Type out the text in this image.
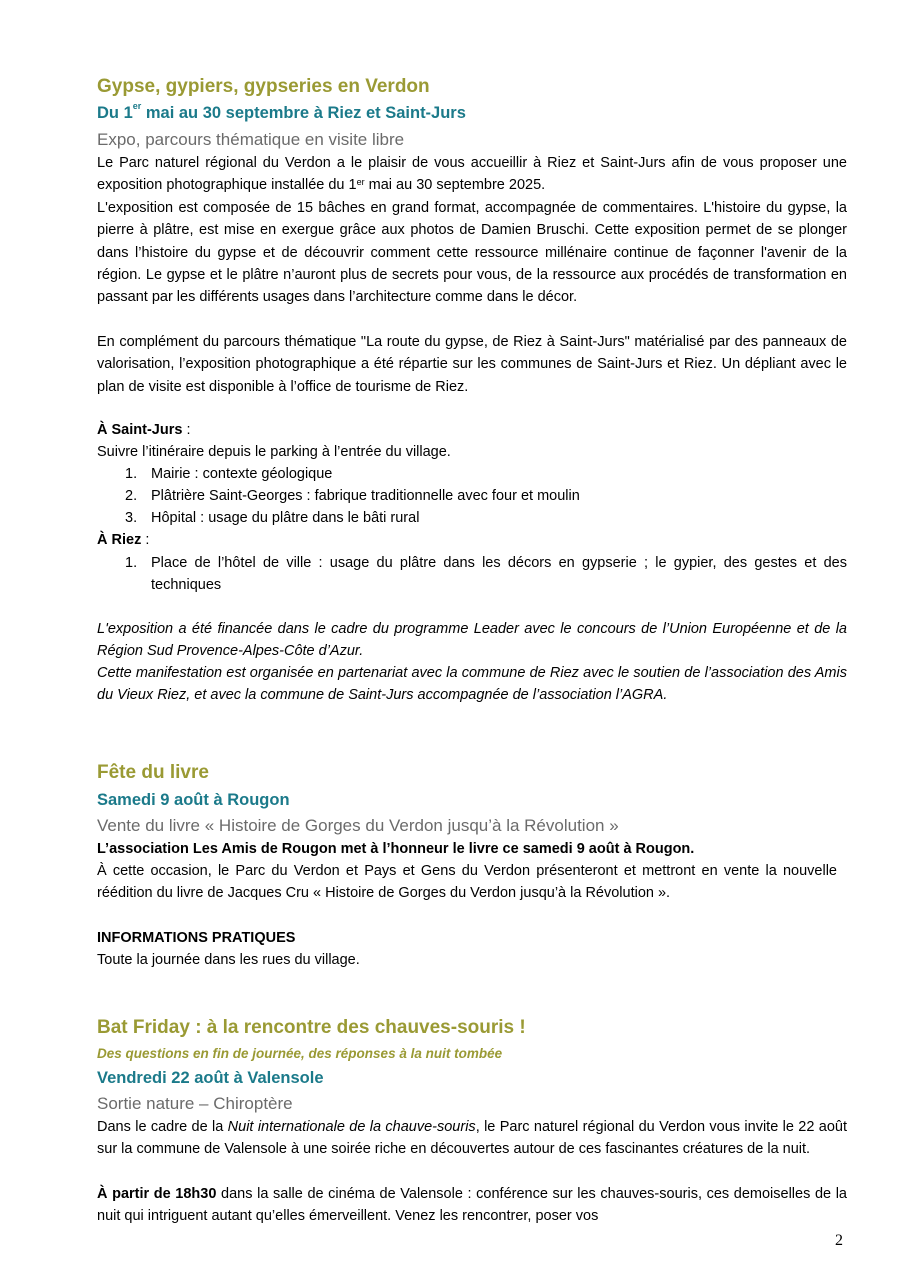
Gypse, gypiers, gypseries en Verdon
Du 1er mai au 30 septembre à Riez et Saint-Jurs
Expo, parcours thématique en visite libre

Le Parc naturel régional du Verdon a le plaisir de vous accueillir à Riez et Saint-Jurs afin de vous proposer une exposition photographique installée du 1er mai au 30 septembre 2025.

L'exposition est composée de 15 bâches en grand format, accompagnée de commentaires. L'histoire du gypse, la pierre à plâtre, est mise en exergue grâce aux photos de Damien Bruschi. Cette exposition permet de se plonger dans l’histoire du gypse et de découvrir comment cette ressource millénaire continue de façonner l'avenir de la région. Le gypse et le plâtre n’auront plus de secrets pour vous, de la ressource aux procédés de transformation en passant par les différents usages dans l’architecture comme dans le décor.

En complément du parcours thématique "La route du gypse, de Riez à Saint-Jurs" matérialisé par des panneaux de valorisation, l’exposition photographique a été répartie sur les communes de Saint-Jurs et Riez. Un dépliant avec le plan de visite est disponible à l’office de tourisme de Riez.

À Saint-Jurs :
Suivre l’itinéraire depuis le parking à l’entrée du village.
1. Mairie : contexte géologique
2. Plâtrière Saint-Georges : fabrique traditionnelle avec four et moulin
3. Hôpital : usage du plâtre dans le bâti rural
À Riez :
1. Place de l’hôtel de ville : usage du plâtre dans les décors en gypserie ; le gypier, des gestes et des techniques

L'exposition a été financée dans le cadre du programme Leader avec le concours de l’Union Européenne et de la Région Sud Provence-Alpes-Côte d’Azur.

Cette manifestation est organisée en partenariat avec la commune de Riez avec le soutien de l’association des Amis du Vieux Riez, et avec la commune de Saint-Jurs accompagnée de l’association l’AGRA.

Fête du livre
Samedi 9 août à Rougon
Vente du livre « Histoire de Gorges du Verdon jusqu’à la Révolution »
L’association Les Amis de Rougon met à l’honneur le livre ce samedi 9 août à Rougon.

À cette occasion, le Parc du Verdon et Pays et Gens du Verdon présenteront et mettront en vente la nouvelle réédition du livre de Jacques Cru « Histoire de Gorges du Verdon jusqu’à la Révolution ».

INFORMATIONS PRATIQUES
Toute la journée dans les rues du village.
Bat Friday : à la rencontre des chauves-souris !
Des questions en fin de journée, des réponses à la nuit tombée
Vendredi 22 août à Valensole
Sortie nature – Chiroptère

Dans le cadre de la Nuit internationale de la chauve-souris, le Parc naturel régional du Verdon vous invite le 22 août sur la commune de Valensole à une soirée riche en découvertes autour de ces fascinantes créatures de la nuit.

À partir de 18h30 dans la salle de cinéma de Valensole : conférence sur les chauves-souris, ces demoiselles de la nuit qui intriguent autant qu’elles émerveillent. Venez les rencontrer, poser vos

2
